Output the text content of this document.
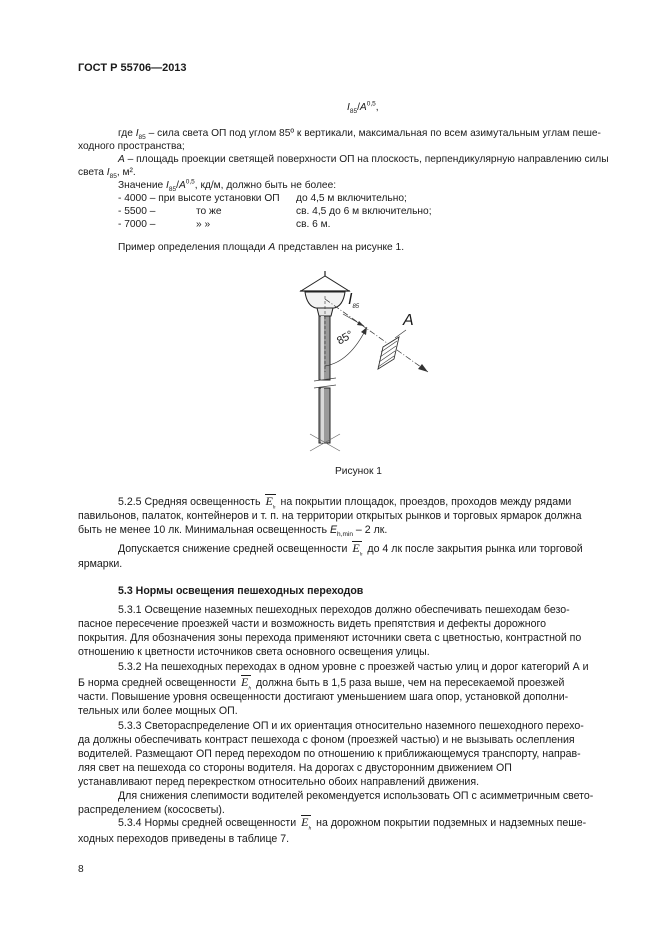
ГОСТ Р 55706—2013
$I_{85}/A^{0,5}$,
где $I_{85}$ – сила света ОП под углом 85º к вертикали, максимальная по всем азимутальным углам пеше-
ходного пространства;
A – площадь проекции светящей поверхности ОП на плоскость, перпендикулярную направлению силы
света $I_{85}$, м².
Значение $I_{85}/A^{0,5}$, кд/м, должно быть не более:
- 4000 – при высоте установки ОП до 4,5 м включительно;
- 5500 –	то же	св. 4,5 до 6 м включительно;
- 7000 –	» »	св. 6 м.
Пример определения площади A представлен на рисунке 1.
$I_{85}$
A
85°
Рисунок 1
5.2.5 Средняя освещенность $E_h$ на покрытии площадок, проездов, проходов между рядами
павильонов, палаток, контейнеров и т. п. на территории открытых рынков и торговых ярмарок должна
быть не менее 10 лк. Минимальная освещенность $E_{h,min} - 2$ лк.
Допускается снижение средней освещенности $E_h$ до 4 лк после закрытия рынка или торговой
ярмарки.
5.3 Нормы освещения пешеходных переходов
5.3.1 Освещение наземных пешеходных переходов должно обеспечивать пешеходам безо-
пасное пересечение проезжей части и возможность видеть препятствия и дефекты дорожного
покрытия. Для обозначения зоны перехода применяют источники света с цветностью, контрастной по
отношению к цветности источников света основного освещения улицы.
5.3.2 На пешеходных переходах в одном уровне с проезжей частью улиц и дорог категорий А и
Б норма средней освещенности $E_h$ должна быть в 1,5 раза выше, чем на пересекаемой проезжей
части. Повышение уровня освещенности достигают уменьшением шага опор, установкой дополни-
тельных или более мощных ОП.
5.3.3 Светораспределение ОП и их ориентация относительно наземного пешеходного перехо-
да должны обеспечивать контраст пешехода с фоном (проезжей частью) и не вызывать ослепления
водителей. Размещают ОП перед переходом по отношению к приближающемуся транспорту, направ-
ляя свет на пешехода со стороны водителя. На дорогах с двусторонним движением ОП
устанавливают перед перекрестком относительно обоих направлений движения.
Для снижения слепимости водителей рекомендуется использовать ОП с асимметричным свето-
распределением (кососветы).
5.3.4 Нормы средней освещенности $E_h$ на дорожном покрытии подземных и надземных пеше-
ходных переходов приведены в таблице 7.
8
